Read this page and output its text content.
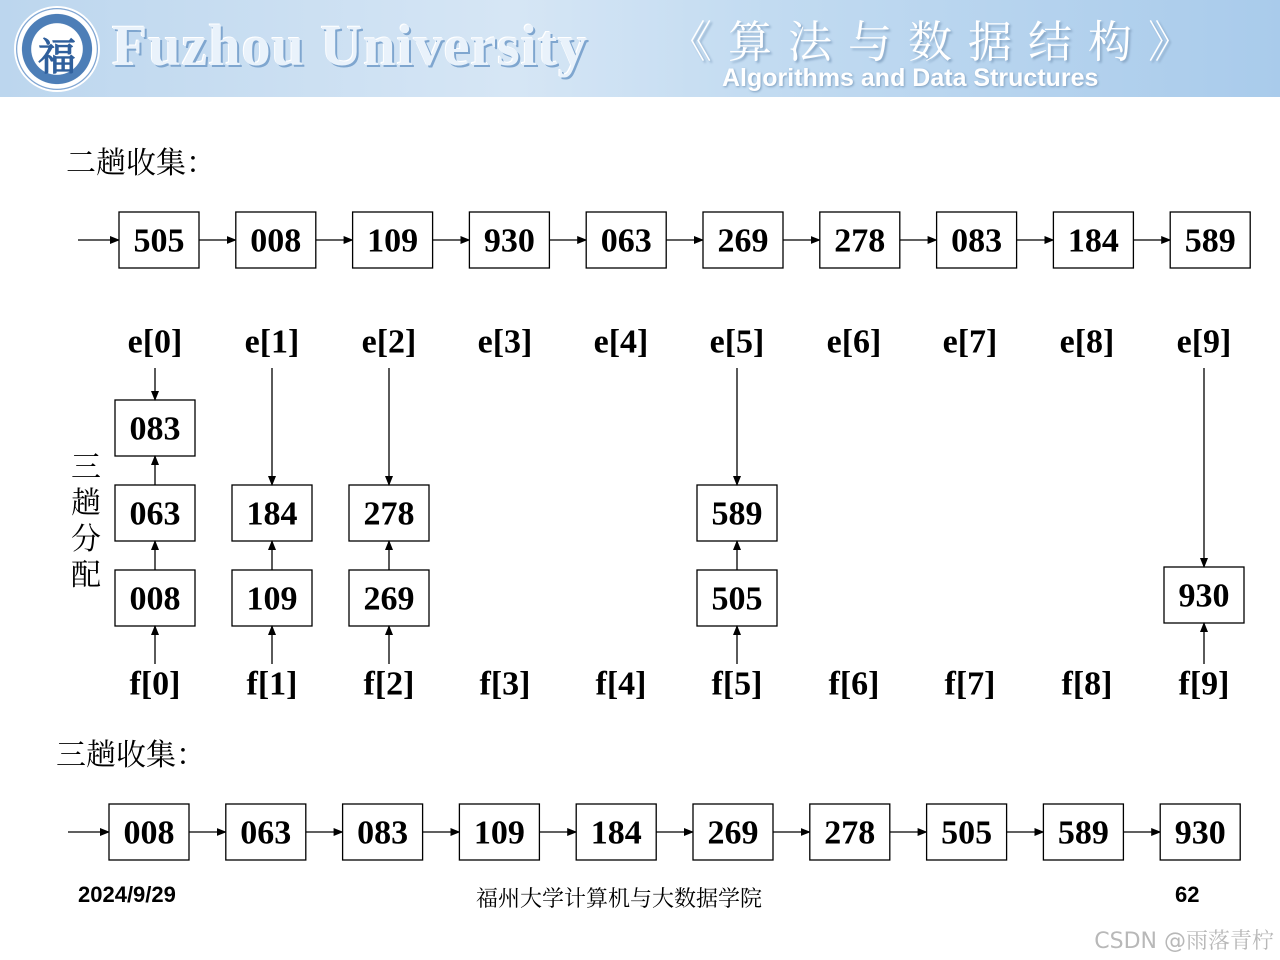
福 Fuzhou University 《算法与数据结构》
Algorithms and Data Structures
二趟收集：
三趟收集：
505 008 109 930 063 269 278 083 184 589
e[0] e[1] e[2] e[3] e[4] e[5] e[6] e[7] e[8] e[9]
f[0] f[1] f[2] f[3] f[4] f[5] f[6] f[7] f[8] f[9]
008
063
083
109
184
269
278
505
589
930
008 063 083 109 184 269 278 505 589 930
三趟分配
2024/9/29	福州大学计算机与大数据学院	62
CSDN @雨落青柠
